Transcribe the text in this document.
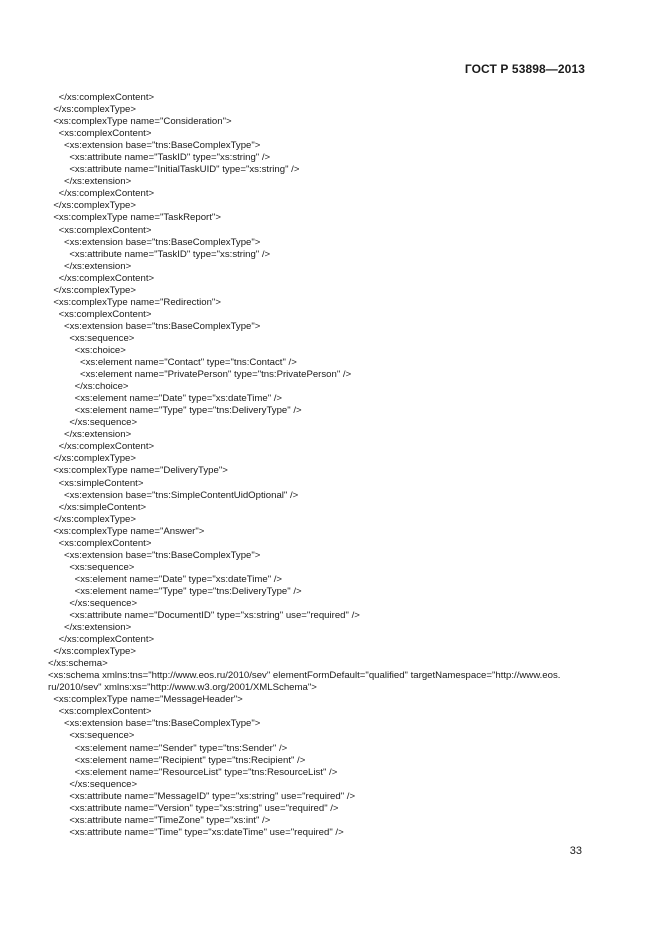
ГОСТ Р 53898—2013
</xs:complexContent>
</xs:complexType>
<xs:complexType name="Consideration">
<xs:complexContent>
<xs:extension base="tns:BaseComplexType">
<xs:attribute name="TaskID" type="xs:string" />
<xs:attribute name="InitialTaskUID" type="xs:string" />
</xs:extension>
</xs:complexContent>
</xs:complexType>
<xs:complexType name="TaskReport">
<xs:complexContent>
<xs:extension base="tns:BaseComplexType">
<xs:attribute name="TaskID" type="xs:string" />
</xs:extension>
</xs:complexContent>
</xs:complexType>
<xs:complexType name="Redirection">
<xs:complexContent>
<xs:extension base="tns:BaseComplexType">
<xs:sequence>
<xs:choice>
<xs:element name="Contact" type="tns:Contact" />
<xs:element name="PrivatePerson" type="tns:PrivatePerson" />
</xs:choice>
<xs:element name="Date" type="xs:dateTime" />
<xs:element name="Type" type="tns:DeliveryType" />
</xs:sequence>
</xs:extension>
</xs:complexContent>
</xs:complexType>
<xs:complexType name="DeliveryType">
<xs:simpleContent>
<xs:extension base="tns:SimpleContentUidOptional" />
</xs:simpleContent>
</xs:complexType>
<xs:complexType name="Answer">
<xs:complexContent>
<xs:extension base="tns:BaseComplexType">
<xs:sequence>
<xs:element name="Date" type="xs:dateTime" />
<xs:element name="Type" type="tns:DeliveryType" />
</xs:sequence>
<xs:attribute name="DocumentID" type="xs:string" use="required" />
</xs:extension>
</xs:complexContent>
</xs:complexType>
</xs:schema>
<xs:schema xmlns:tns="http://www.eos.ru/2010/sev" elementFormDefault="qualified" targetNamespace="http://www.eos.
ru/2010/sev" xmlns:xs="http://www.w3.org/2001/XMLSchema">
<xs:complexType name="MessageHeader">
<xs:complexContent>
<xs:extension base="tns:BaseComplexType">
<xs:sequence>
<xs:element name="Sender" type="tns:Sender" />
<xs:element name="Recipient" type="tns:Recipient" />
<xs:element name="ResourceList" type="tns:ResourceList" />
</xs:sequence>
<xs:attribute name="MessageID" type="xs:string" use="required" />
<xs:attribute name="Version" type="xs:string" use="required" />
<xs:attribute name="TimeZone" type="xs:int" />
<xs:attribute name="Time" type="xs:dateTime" use="required" />
33
